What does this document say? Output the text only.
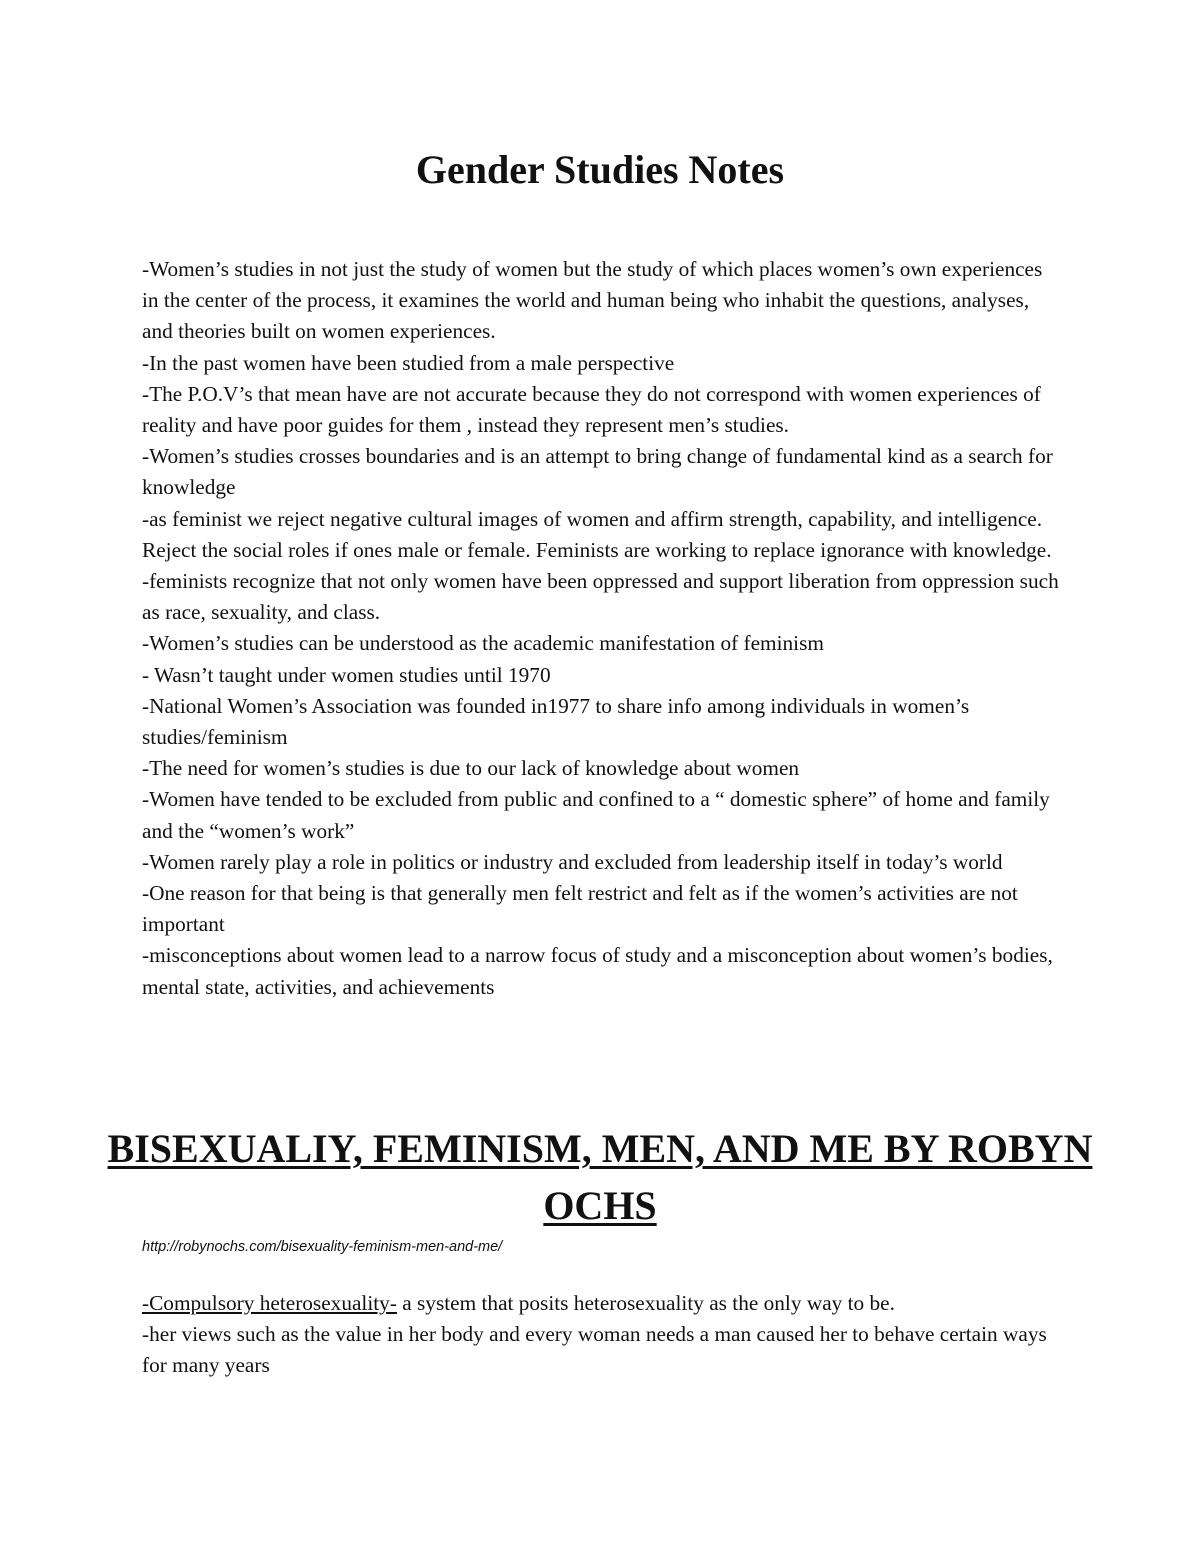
Gender Studies Notes

-Women’s studies in not just the study of women but the study of which places women’s own experiences in the center of the process, it examines the world and human being who inhabit the questions, analyses, and theories built on women experiences.

-In the past women have been studied from a male perspective

-The P.O.V’s that mean have are not accurate because they do not correspond with women experiences of reality and have poor guides for them , instead they represent men’s studies.

-Women’s studies crosses boundaries and is an attempt to bring change of fundamental kind as a search for knowledge

-as feminist we reject negative cultural images of women and affirm strength, capability, and intelligence. Reject the social roles if ones male or female. Feminists are working to replace ignorance with knowledge.

-feminists recognize that not only women have been oppressed and support liberation from oppression such as race, sexuality, and class.

-Women’s studies can be understood as the academic manifestation of feminism

- Wasn’t taught under women studies until 1970

-National Women’s Association was founded in1977 to share info among individuals in women’s studies/feminism

-The need for women’s studies is due to our lack of knowledge about women

-Women have tended to be excluded from public and confined to a “ domestic sphere” of home and family and the “women’s work”

-Women rarely play a role in politics or industry and excluded from leadership itself in today’s world

-One reason for that being is that generally men felt restrict and felt as if the women’s activities are not important

-misconceptions about women lead to a narrow focus of study and a misconception about women’s bodies, mental state, activities, and achievements

BISEXUALIY, FEMINISM, MEN, AND ME BY ROBYN OCHS

http://robynochs.com/bisexuality-feminism-men-and-me/

-Compulsory heterosexuality- a system that posits heterosexuality as the only way to be.

-her views such as the value in her body and every woman needs a man caused her to behave certain ways for many years
